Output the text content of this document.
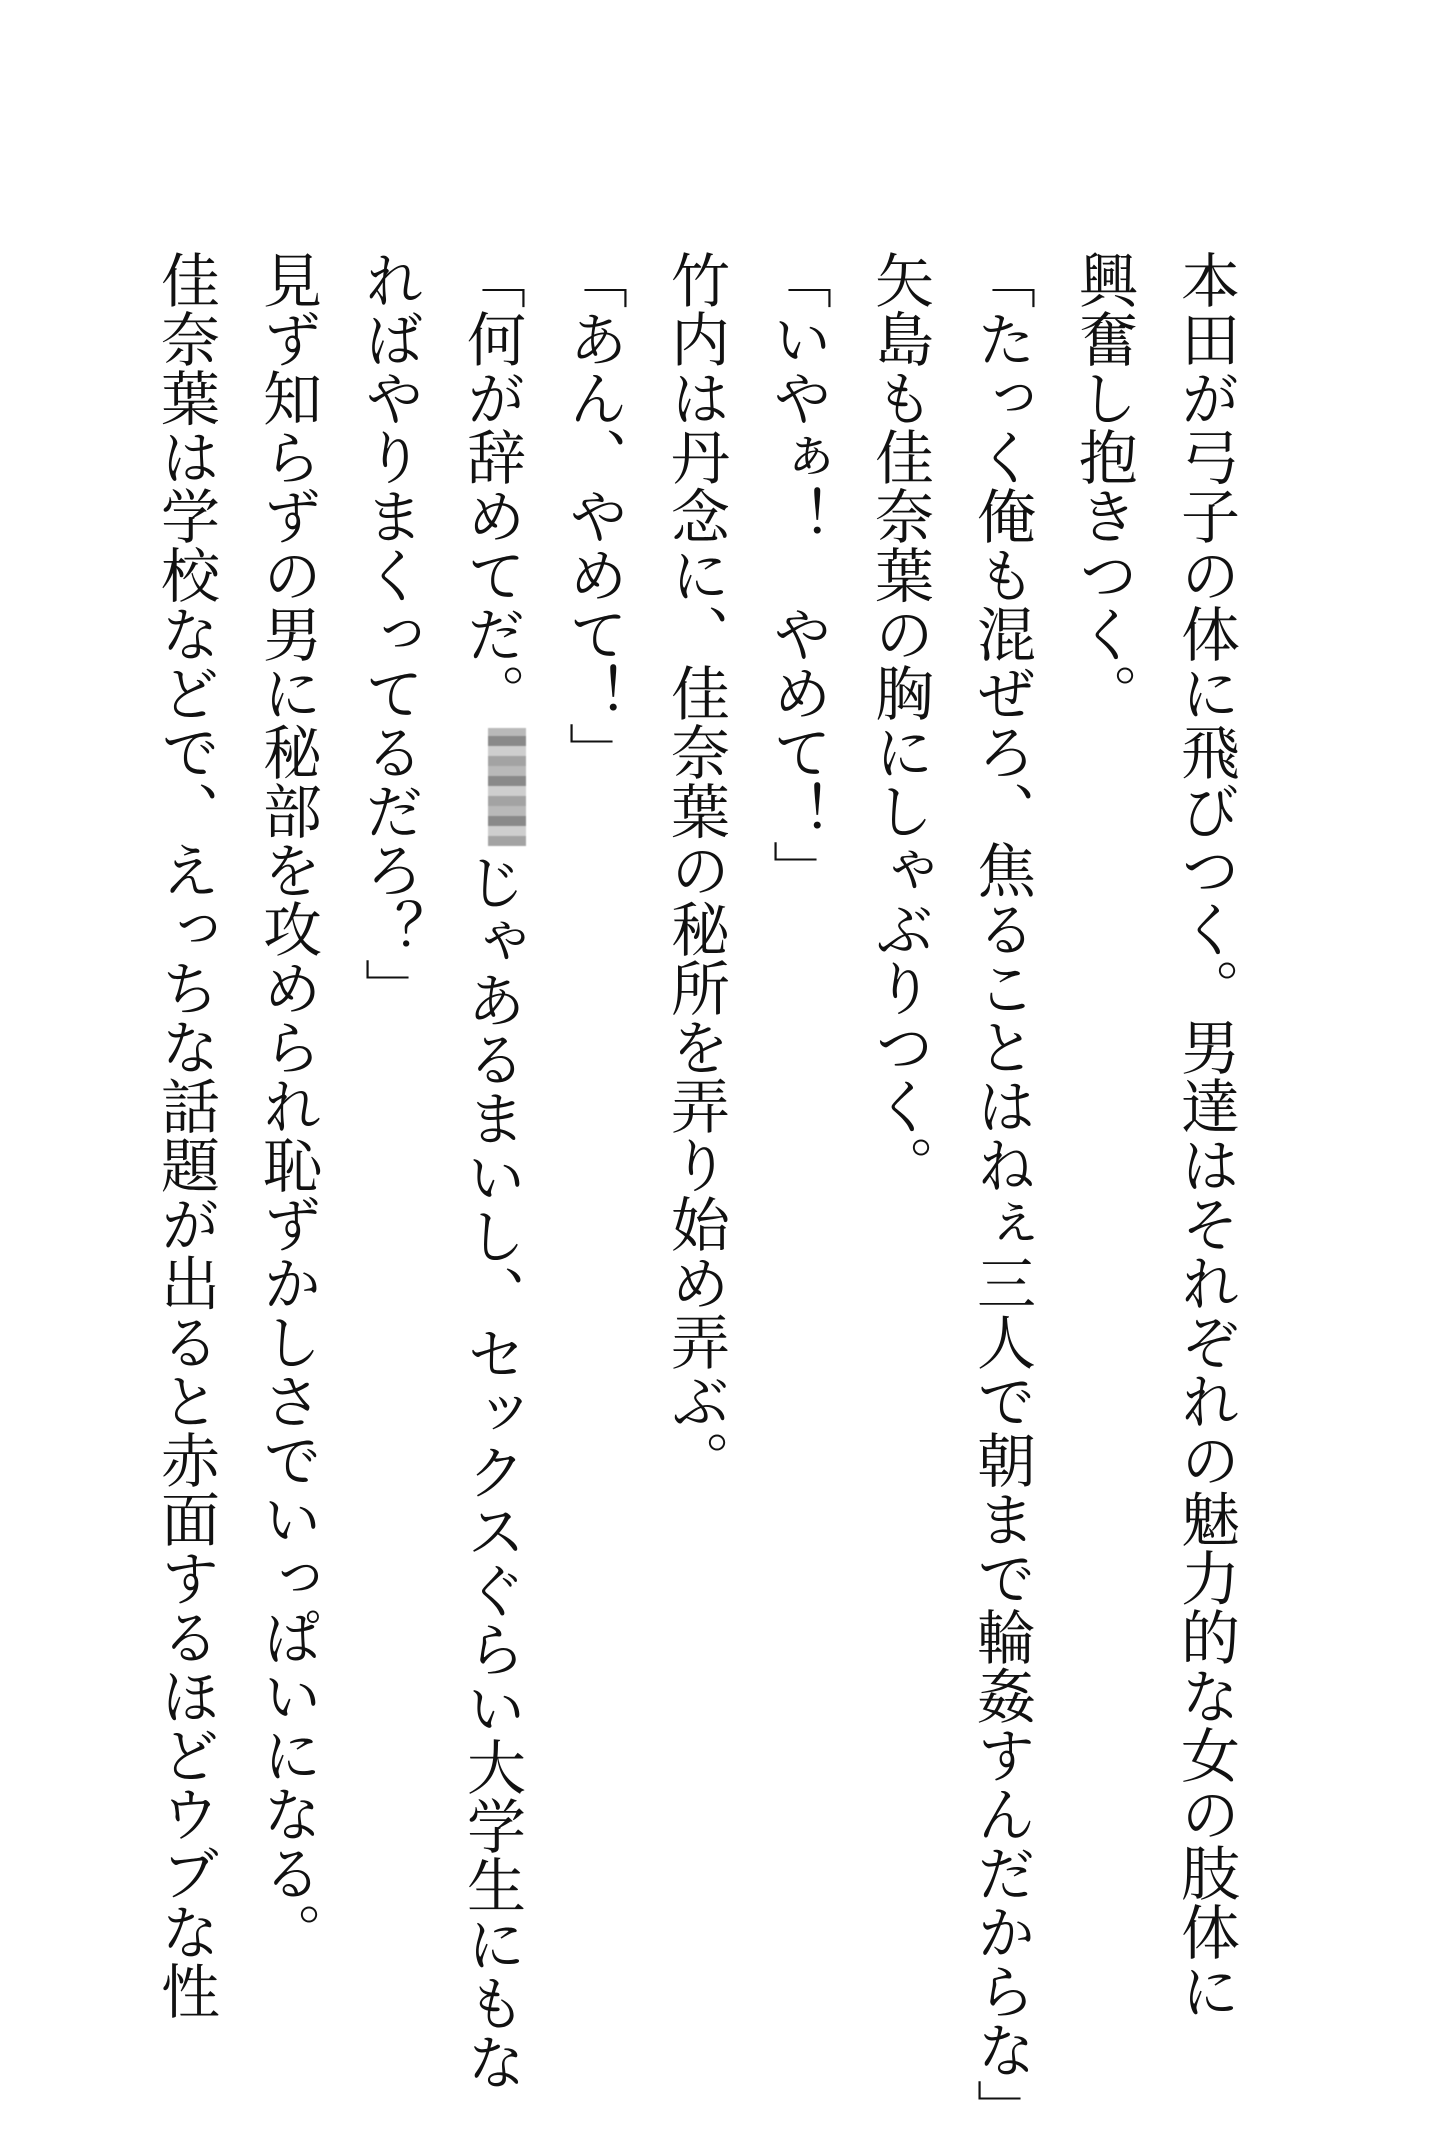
本田が弓子の体に飛びつく。男達はそれぞれの魅力的な女の肢体に
興奮し抱きつく。
「たっく俺も混ぜろ、焦ることはねぇ三人で朝まで輪姦すんだからな」
矢島も佳奈葉の胸にしゃぶりつく。
「いやぁ！　やめて！」
竹内は丹念に、佳奈葉の秘所を弄り始め弄ぶ。
「あん、やめて！」
「何が辞めてだ。じゃあるまいし、セックスぐらい大学生にもな
ればやりまくってるだろ？」
見ず知らずの男に秘部を攻められ恥ずかしさでいっぱいになる。
佳奈葉は学校などで、えっちな話題が出ると赤面するほどウブな性
